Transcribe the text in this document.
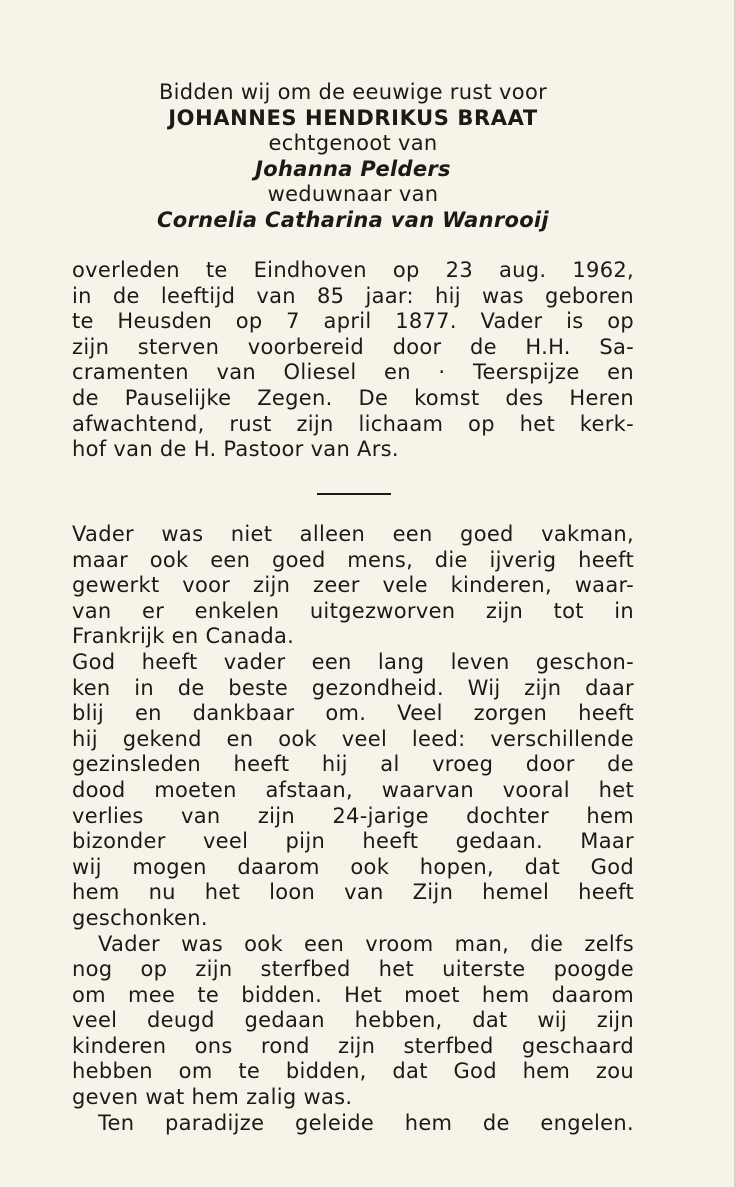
Bidden wij om de eeuwige rust voor
JOHANNES HENDRIKUS BRAAT
echtgenoot van
Johanna Pelders
weduwnaar van
Cornelia Catharina van Wanrooij
overleden te Eindhoven op 23 aug. 1962,
in de leeftijd van 85 jaar: hij was geboren
te Heusden op 7 april 1877. Vader is op
zijn sterven voorbereid door de H.H. Sa-
cramenten van Oliesel en · Teerspijze en
de Pauselijke Zegen. De komst des Heren
afwachtend, rust zijn lichaam op het kerk-
hof van de H. Pastoor van Ars.
Vader was niet alleen een goed vakman,
maar ook een goed mens, die ijverig heeft
gewerkt voor zijn zeer vele kinderen, waar-
van er enkelen uitgezworven zijn tot in
Frankrijk en Canada.
God heeft vader een lang leven geschon-
ken in de beste gezondheid. Wij zijn daar
blij en dankbaar om. Veel zorgen heeft
hij gekend en ook veel leed: verschillende
gezinsleden heeft hij al vroeg door de
dood moeten afstaan, waarvan vooral het
verlies van zijn 24-jarige dochter hem
bizonder veel pijn heeft gedaan. Maar
wij mogen daarom ook hopen, dat God
hem nu het loon van Zijn hemel heeft
geschonken.
Vader was ook een vroom man, die zelfs
nog op zijn sterfbed het uiterste poogde
om mee te bidden. Het moet hem daarom
veel deugd gedaan hebben, dat wij zijn
kinderen ons rond zijn sterfbed geschaard
hebben om te bidden, dat God hem zou
geven wat hem zalig was.
Ten paradijze geleide hem de engelen.
